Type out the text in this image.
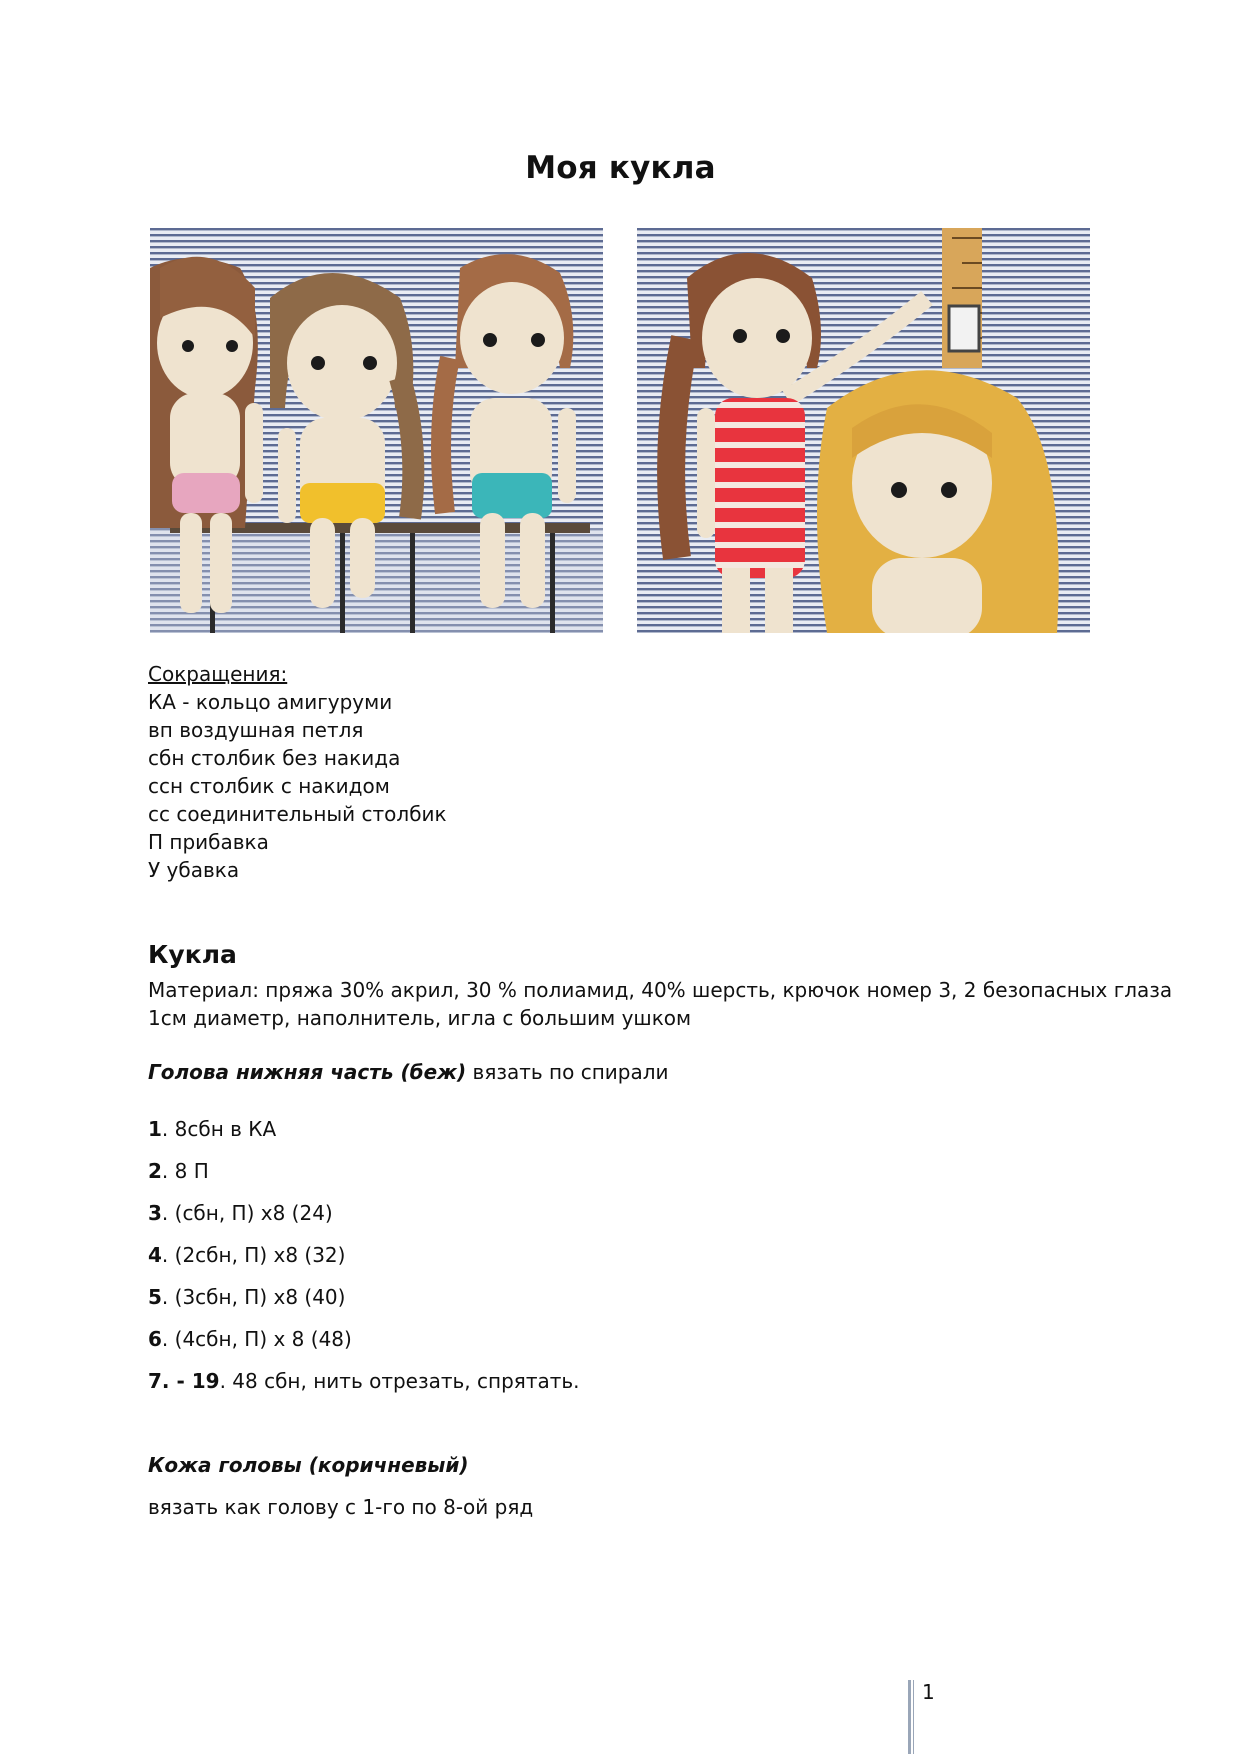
Моя кукла
Сокращения:
КА - кольцо амигуруми
вп воздушная петля
сбн столбик без накида
ссн столбик с накидом
сс соединительный столбик
П прибавка
У убавка
Кукла
Материал: пряжа 30% акрил, 30 % полиамид, 40% шерсть, крючок номер 3, 2 безопасных глаза
1см диаметр, наполнитель, игла с большим ушком
Голова нижняя часть (беж) вязать по спирали
1. 8сбн в КА
2. 8 П
3. (сбн, П) х8 (24)
4. (2сбн, П) х8 (32)
5. (3сбн, П) х8 (40)
6. (4сбн, П) х 8 (48)
7. - 19. 48 сбн, нить отрезать, спрятать.
Кожа головы (коричневый)
вязать как голову с 1-го по 8-ой ряд
1
